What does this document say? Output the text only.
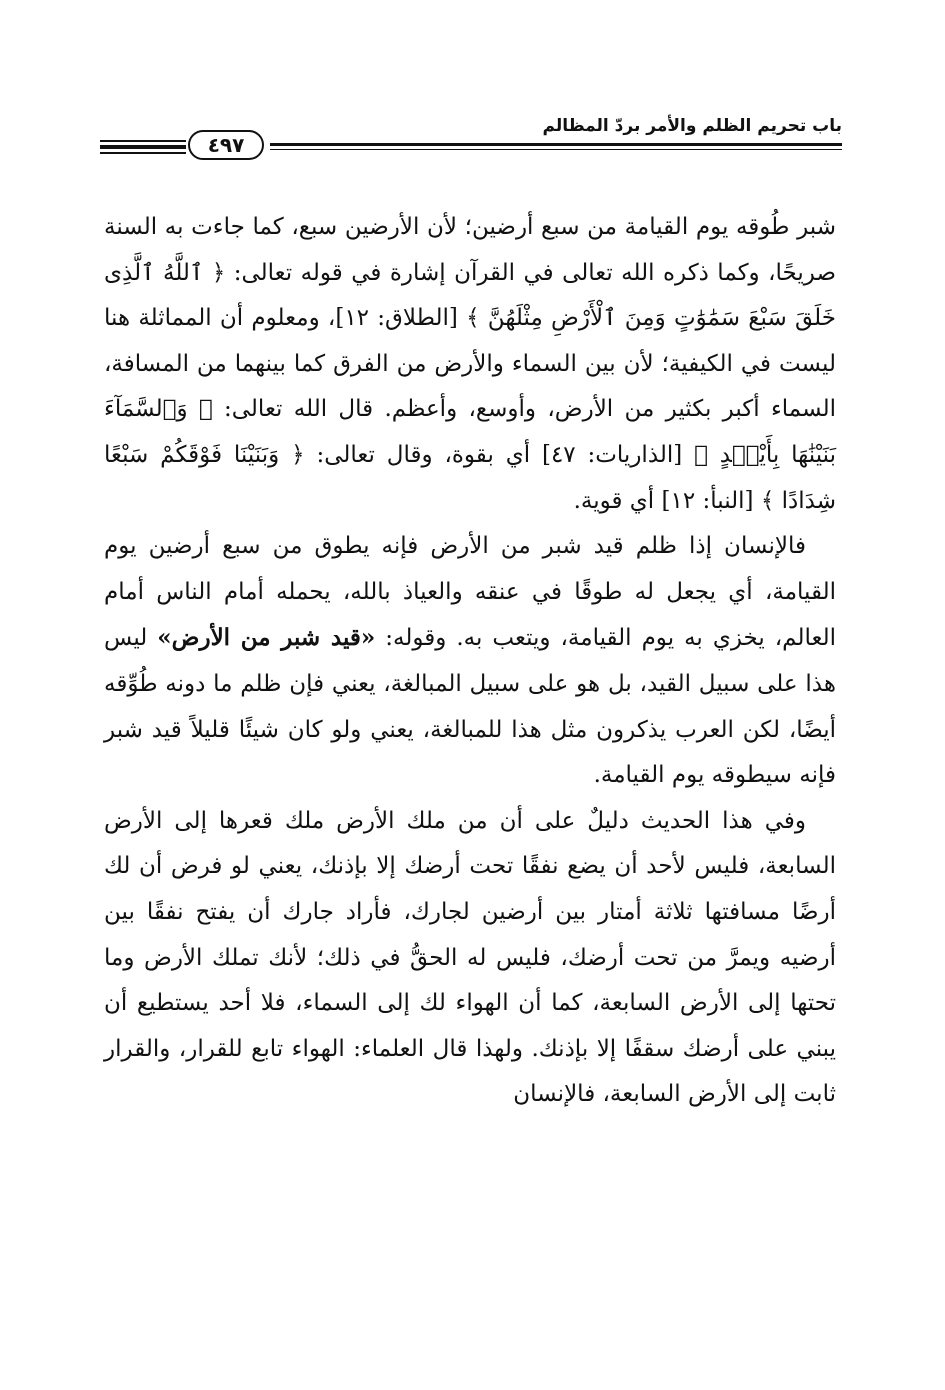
باب تحريم الظلم والأمر بردّ المظالم
٤٩٧

شبر طُوقه يوم القيامة من سبع أرضين؛ لأن الأرضين سبع، كما جاءت به السنة صريحًا، وكما ذكره الله تعالى في القرآن إشارة في قوله تعالى: ﴿ ٱللَّهُ ٱلَّذِى خَلَقَ سَبْعَ سَمَٰوَٰتٍ وَمِنَ ٱلْأَرْضِ مِثْلَهُنَّ ﴾ [الطلاق: ١٢]، ومعلوم أن المماثلة هنا ليست في الكيفية؛ لأن بين السماء والأرض من الفرق كما بينهما من المسافة، السماء أكبر بكثير من الأرض، وأوسع، وأعظم. قال الله تعالى: ﴿ وَٱلسَّمَآءَ بَنَيْنَٰهَا بِأَيْي۟دٍ ﴾ [الذاريات: ٤٧] أي بقوة، وقال تعالى: ﴿ وَبَنَيْنَا فَوْقَكُمْ سَبْعًا شِدَادًا ﴾ [النبأ: ١٢] أي قوية.

فالإنسان إذا ظلم قيد شبر من الأرض فإنه يطوق من سبع أرضين يوم القيامة، أي يجعل له طوقًا في عنقه والعياذ بالله، يحمله أمام الناس أمام العالم، يخزي به يوم القيامة، ويتعب به. وقوله: «قيد شبر من الأرض» ليس هذا على سبيل القيد، بل هو على سبيل المبالغة، يعني فإن ظلم ما دونه طُوِّقه أيضًا، لكن العرب يذكرون مثل هذا للمبالغة، يعني ولو كان شيئًا قليلاً قيد شبر فإنه سيطوقه يوم القيامة.

وفي هذا الحديث دليلٌ على أن من ملك الأرض ملك قعرها إلى الأرض السابعة، فليس لأحد أن يضع نفقًا تحت أرضك إلا بإذنك، يعني لو فرض أن لك أرضًا مسافتها ثلاثة أمتار بين أرضين لجارك، فأراد جارك أن يفتح نفقًا بين أرضيه ويمرَّ من تحت أرضك، فليس له الحقُّ في ذلك؛ لأنك تملك الأرض وما تحتها إلى الأرض السابعة، كما أن الهواء لك إلى السماء، فلا أحد يستطيع أن يبني على أرضك سقفًا إلا بإذنك. ولهذا قال العلماء: الهواء تابع للقرار، والقرار ثابت إلى الأرض السابعة، فالإنسان
